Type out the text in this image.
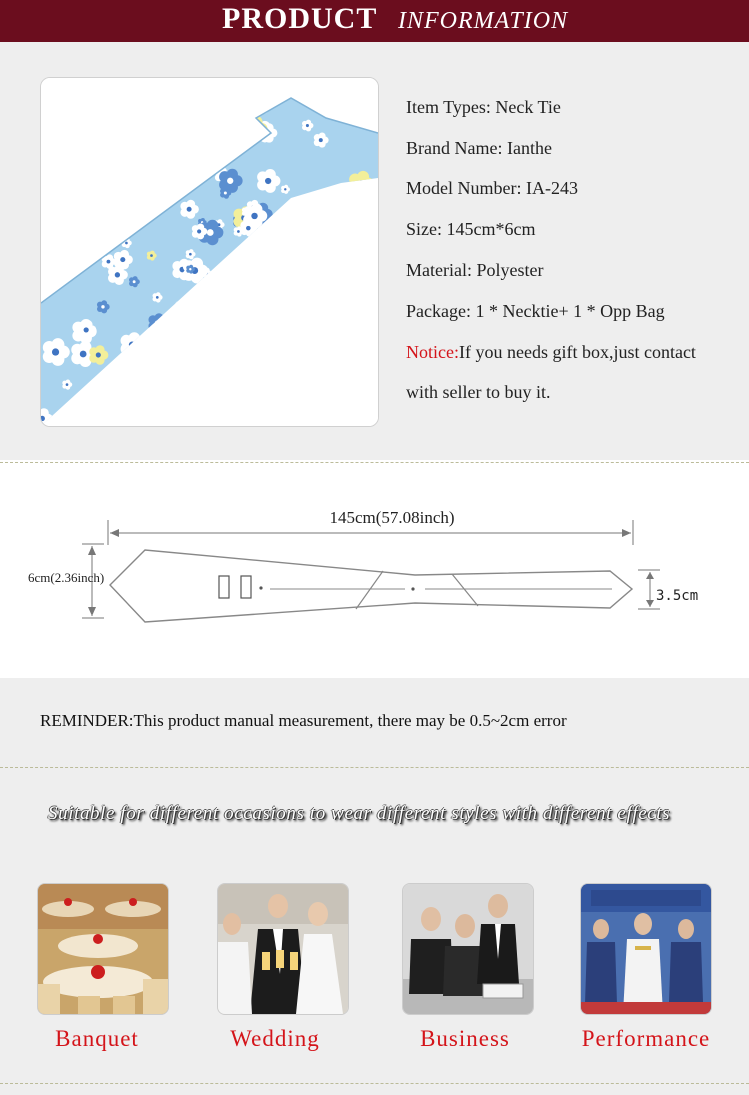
PRODUCT INFORMATION
Item Types: Neck Tie
Brand Name: Ianthe
Model Number: IA-243
Size: 145cm*6cm
Material: Polyester
Package: 1 * Necktie+ 1 * Opp Bag
Notice:If you needs gift box,just contact
with seller to buy it.
145cm(57.08inch)
6cm(2.36inch)
3.5cm
REMINDER:This product manual measurement, there may be 0.5~2cm error
Suitable for different occasions to wear different styles with different effects
Banquet	Wedding	Business	Performance
